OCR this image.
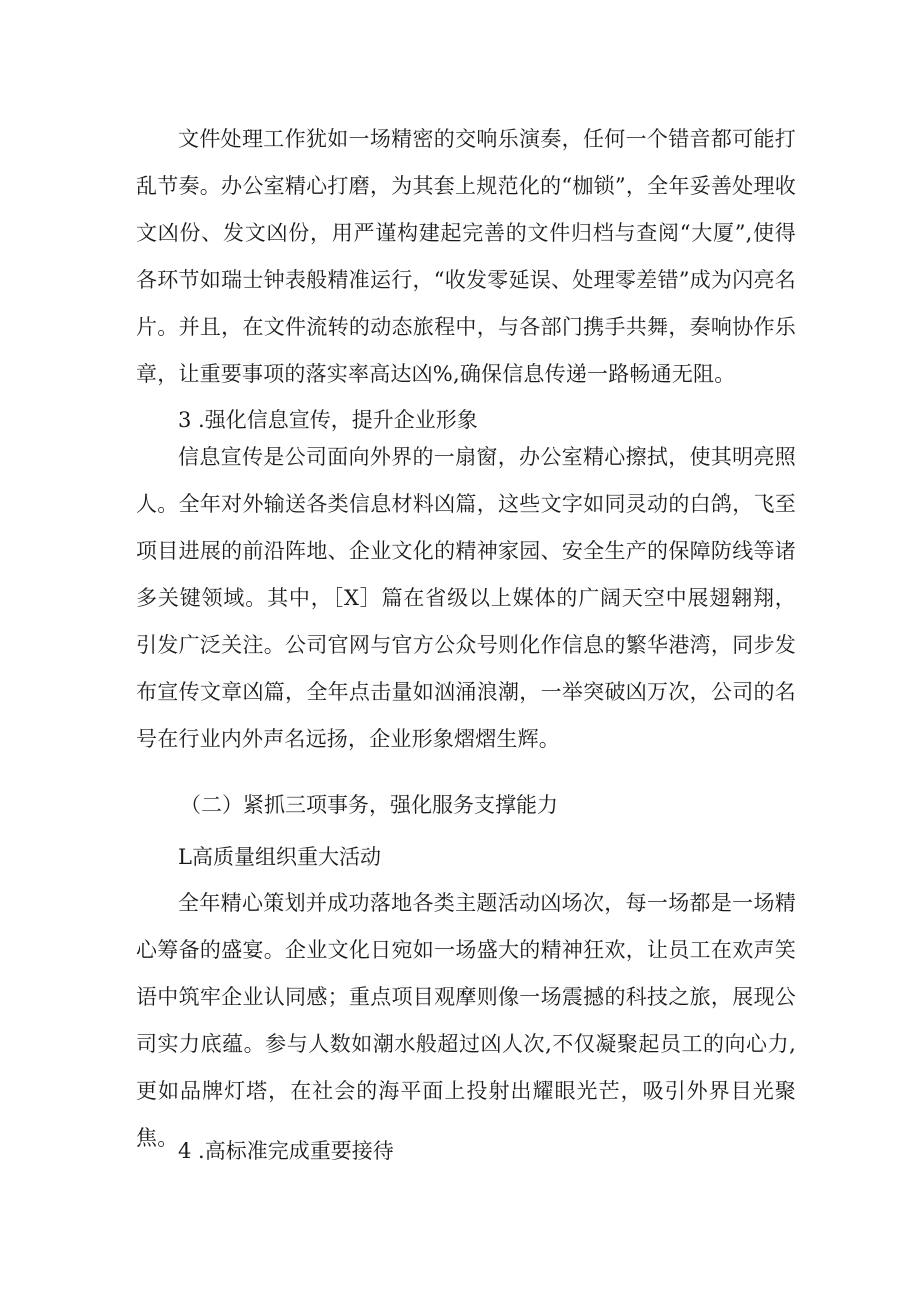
文件处理工作犹如一场精密的交响乐演奏，任何一个错音都可能打乱节奏。办公室精心打磨，为其套上规范化的“枷锁”，全年妥善处理收文凶份、发文凶份，用严谨构建起完善的文件归档与查阅“大厦”,使得各环节如瑞士钟表般精准运行，“收发零延误、处理零差错”成为闪亮名片。并且，在文件流转的动态旅程中，与各部门携手共舞，奏响协作乐章，让重要事项的落实率高达凶%,确保信息传递一路畅通无阻。

3 .强化信息宣传，提升企业形象

信息宣传是公司面向外界的一扇窗，办公室精心擦拭，使其明亮照人。全年对外输送各类信息材料凶篇，这些文字如同灵动的白鸽，飞至项目进展的前沿阵地、企业文化的精神家园、安全生产的保障防线等诸多关键领域。其中，［X］篇在省级以上媒体的广阔天空中展翅翱翔，引发广泛关注。公司官网与官方公众号则化作信息的繁华港湾，同步发布宣传文章凶篇，全年点击量如汹涌浪潮，一举突破凶万次，公司的名号在行业内外声名远扬，企业形象熠熠生辉。

（二）紧抓三项事务，强化服务支撑能力
L高质量组织重大活动

全年精心策划并成功落地各类主题活动凶场次，每一场都是一场精心筹备的盛宴。企业文化日宛如一场盛大的精神狂欢，让员工在欢声笑语中筑牢企业认同感；重点项目观摩则像一场震撼的科技之旅，展现公司实力底蕴。参与人数如潮水般超过凶人次,不仅凝聚起员工的向心力,更如品牌灯塔，在社会的海平面上投射出耀眼光芒，吸引外界目光聚焦。

4 .高标准完成重要接待
